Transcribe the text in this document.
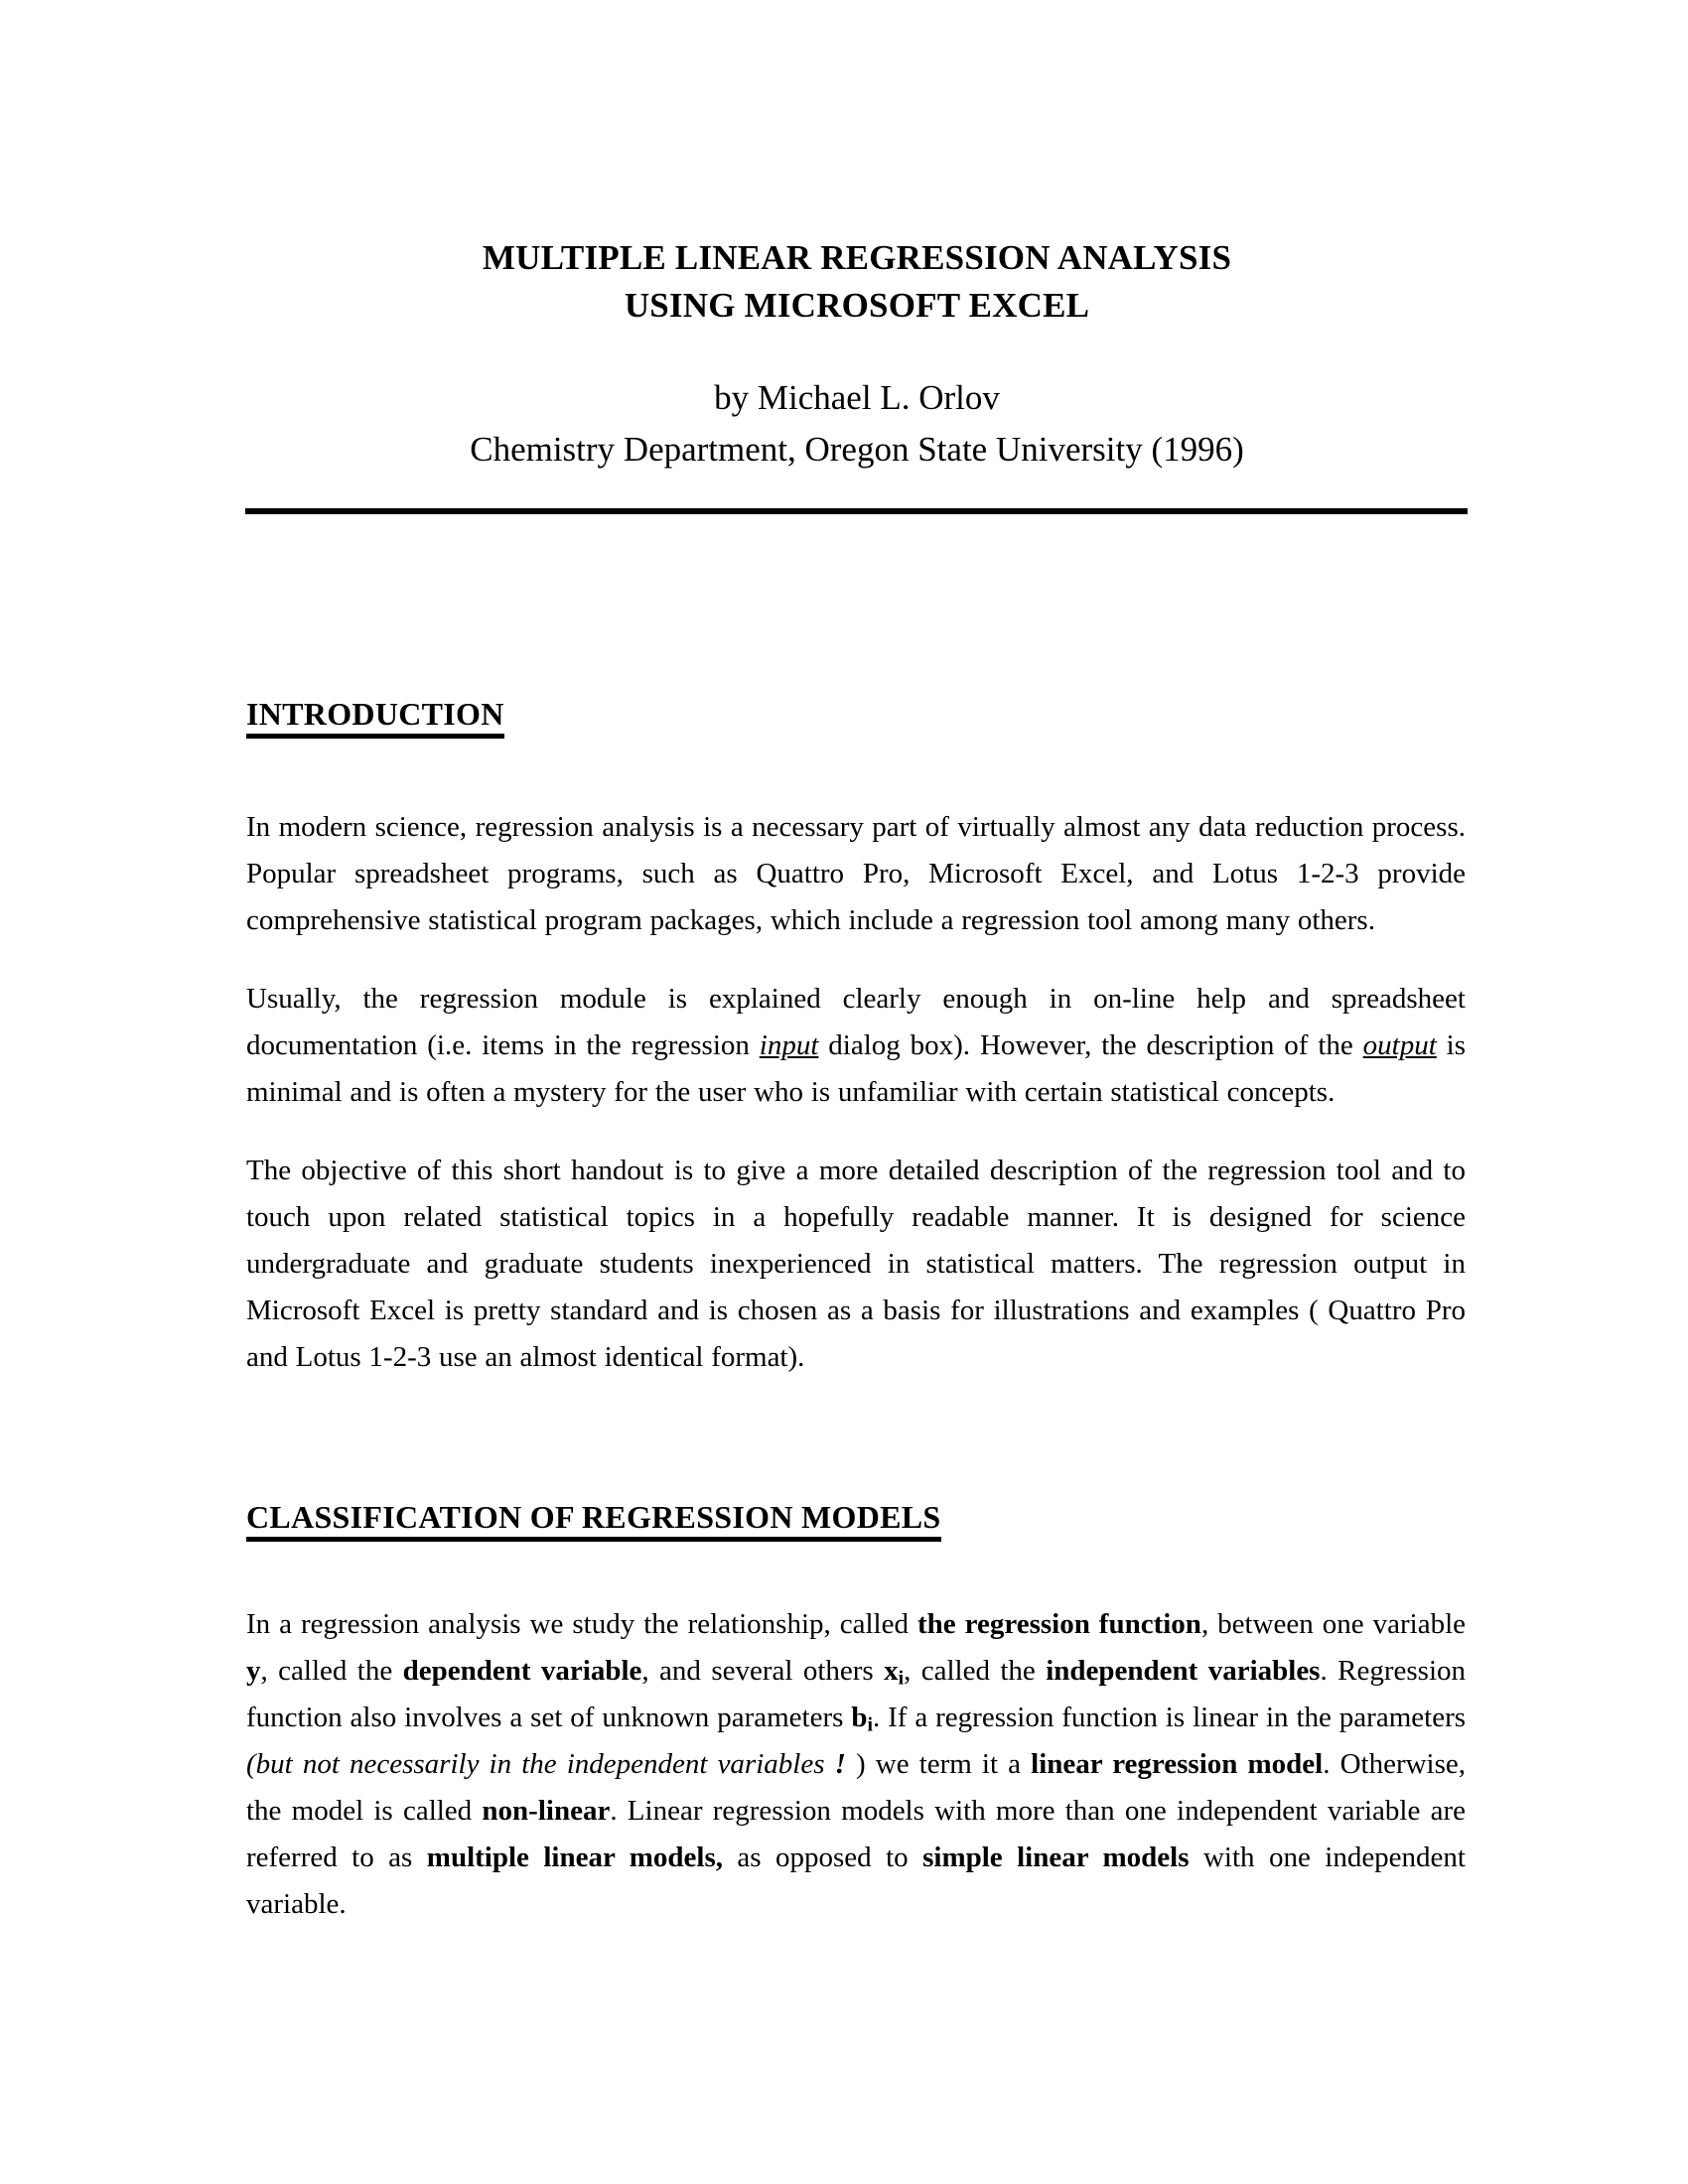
MULTIPLE LINEAR REGRESSION ANALYSIS
USING MICROSOFT EXCEL
by Michael L. Orlov
Chemistry Department, Oregon State University (1996)
INTRODUCTION

In modern science, regression analysis is a necessary part of virtually almost any data reduction process. Popular spreadsheet programs, such as Quattro Pro, Microsoft Excel, and Lotus 1-2-3 provide comprehensive statistical program packages, which include a regression tool among many others.

Usually, the regression module is explained clearly enough in on-line help and spreadsheet documentation (i.e. items in the regression input dialog box). However, the description of the output is minimal and is often a mystery for the user who is unfamiliar with certain statistical concepts.

The objective of this short handout is to give a more detailed description of the regression tool and to touch upon related statistical topics in a hopefully readable manner. It is designed for science undergraduate and graduate students inexperienced in statistical matters. The regression output in Microsoft Excel is pretty standard and is chosen as a basis for illustrations and examples ( Quattro Pro and Lotus 1-2-3 use an almost identical format).

CLASSIFICATION OF REGRESSION MODELS

In a regression analysis we study the relationship, called the regression function, between one variable y, called the dependent variable, and several others $x_i$, called the independent variables. Regression function also involves a set of unknown parameters $b_i$. If a regression function is linear in the parameters (but not necessarily in the independent variables ! ) we term it a linear regression model. Otherwise, the model is called non-linear. Linear regression models with more than one independent variable are referred to as multiple linear models, as opposed to simple linear models with one independent variable.
